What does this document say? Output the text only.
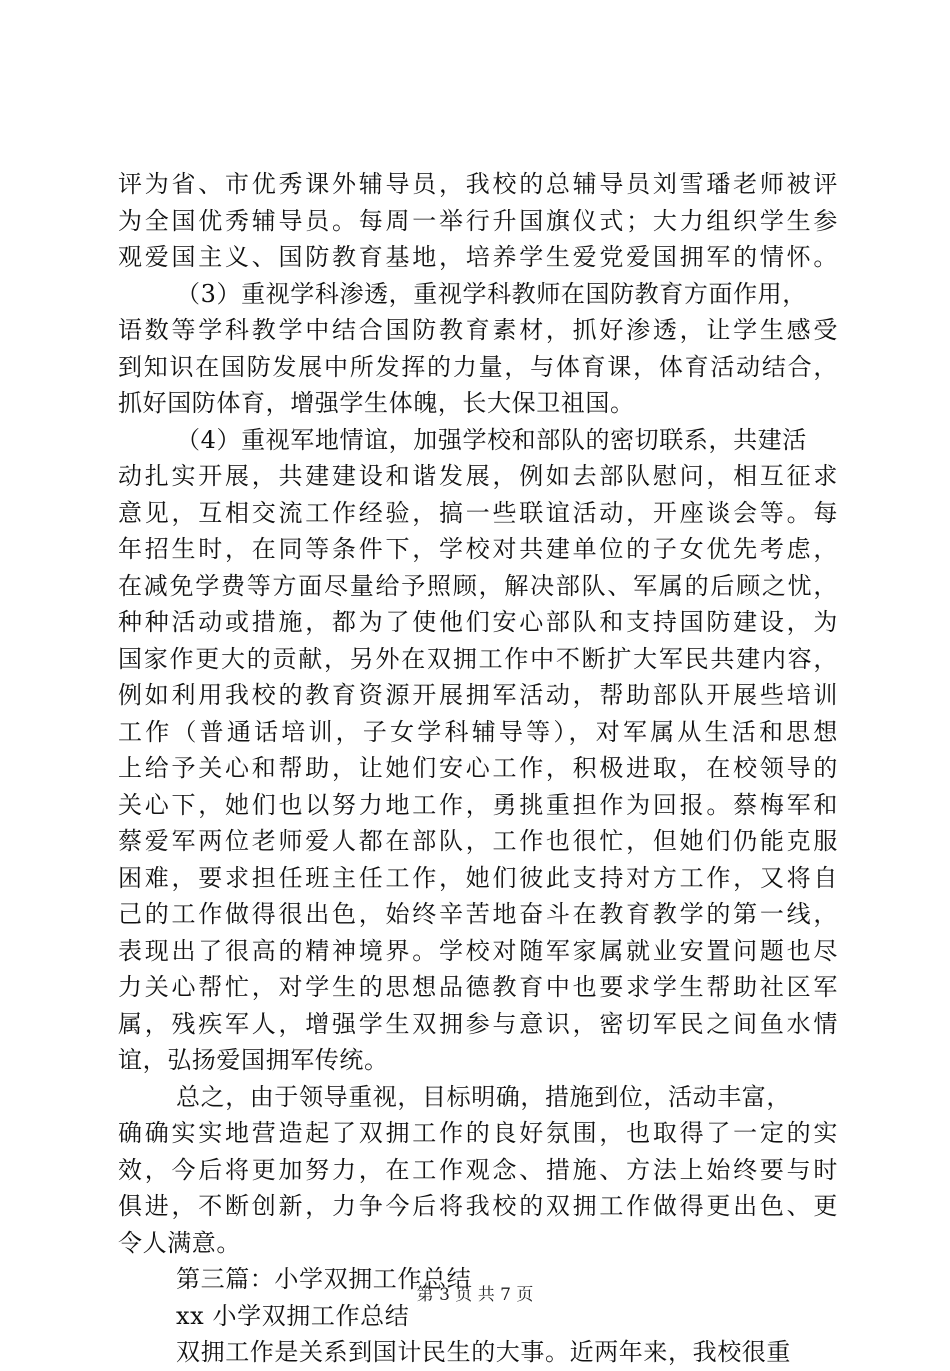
评为省、市优秀课外辅导员，我校的总辅导员刘雪璠老师被评
为全国优秀辅导员。每周一举行升国旗仪式；大力组织学生参
观爱国主义、国防教育基地，培养学生爱党爱国拥军的情怀。
（3）重视学科渗透，重视学科教师在国防教育方面作用，
语数等学科教学中结合国防教育素材，抓好渗透，让学生感受
到知识在国防发展中所发挥的力量，与体育课，体育活动结合，
抓好国防体育，增强学生体魄，长大保卫祖国。
（4）重视军地情谊，加强学校和部队的密切联系，共建活
动扎实开展，共建建设和谐发展，例如去部队慰问，相互征求
意见，互相交流工作经验，搞一些联谊活动，开座谈会等。每
年招生时，在同等条件下，学校对共建单位的子女优先考虑，
在减免学费等方面尽量给予照顾，解决部队、军属的后顾之忧，
种种活动或措施，都为了使他们安心部队和支持国防建设，为
国家作更大的贡献，另外在双拥工作中不断扩大军民共建内容，
例如利用我校的教育资源开展拥军活动，帮助部队开展些培训
工作（普通话培训，子女学科辅导等），对军属从生活和思想
上给予关心和帮助，让她们安心工作，积极进取，在校领导的
关心下，她们也以努力地工作，勇挑重担作为回报。蔡梅军和
蔡爱军两位老师爱人都在部队，工作也很忙，但她们仍能克服
困难，要求担任班主任工作，她们彼此支持对方工作，又将自
己的工作做得很出色，始终辛苦地奋斗在教育教学的第一线，
表现出了很高的精神境界。学校对随军家属就业安置问题也尽
力关心帮忙，对学生的思想品德教育中也要求学生帮助社区军
属，残疾军人，增强学生双拥参与意识，密切军民之间鱼水情
谊，弘扬爱国拥军传统。
总之，由于领导重视，目标明确，措施到位，活动丰富，
确确实实地营造起了双拥工作的良好氛围，也取得了一定的实
效，今后将更加努力，在工作观念、措施、方法上始终要与时
俱进，不断创新，力争今后将我校的双拥工作做得更出色、更
令人满意。
第三篇：小学双拥工作总结
xx 小学双拥工作总结
双拥工作是关系到国计民生的大事。近两年来，我校很重
第 3 页 共 7 页
